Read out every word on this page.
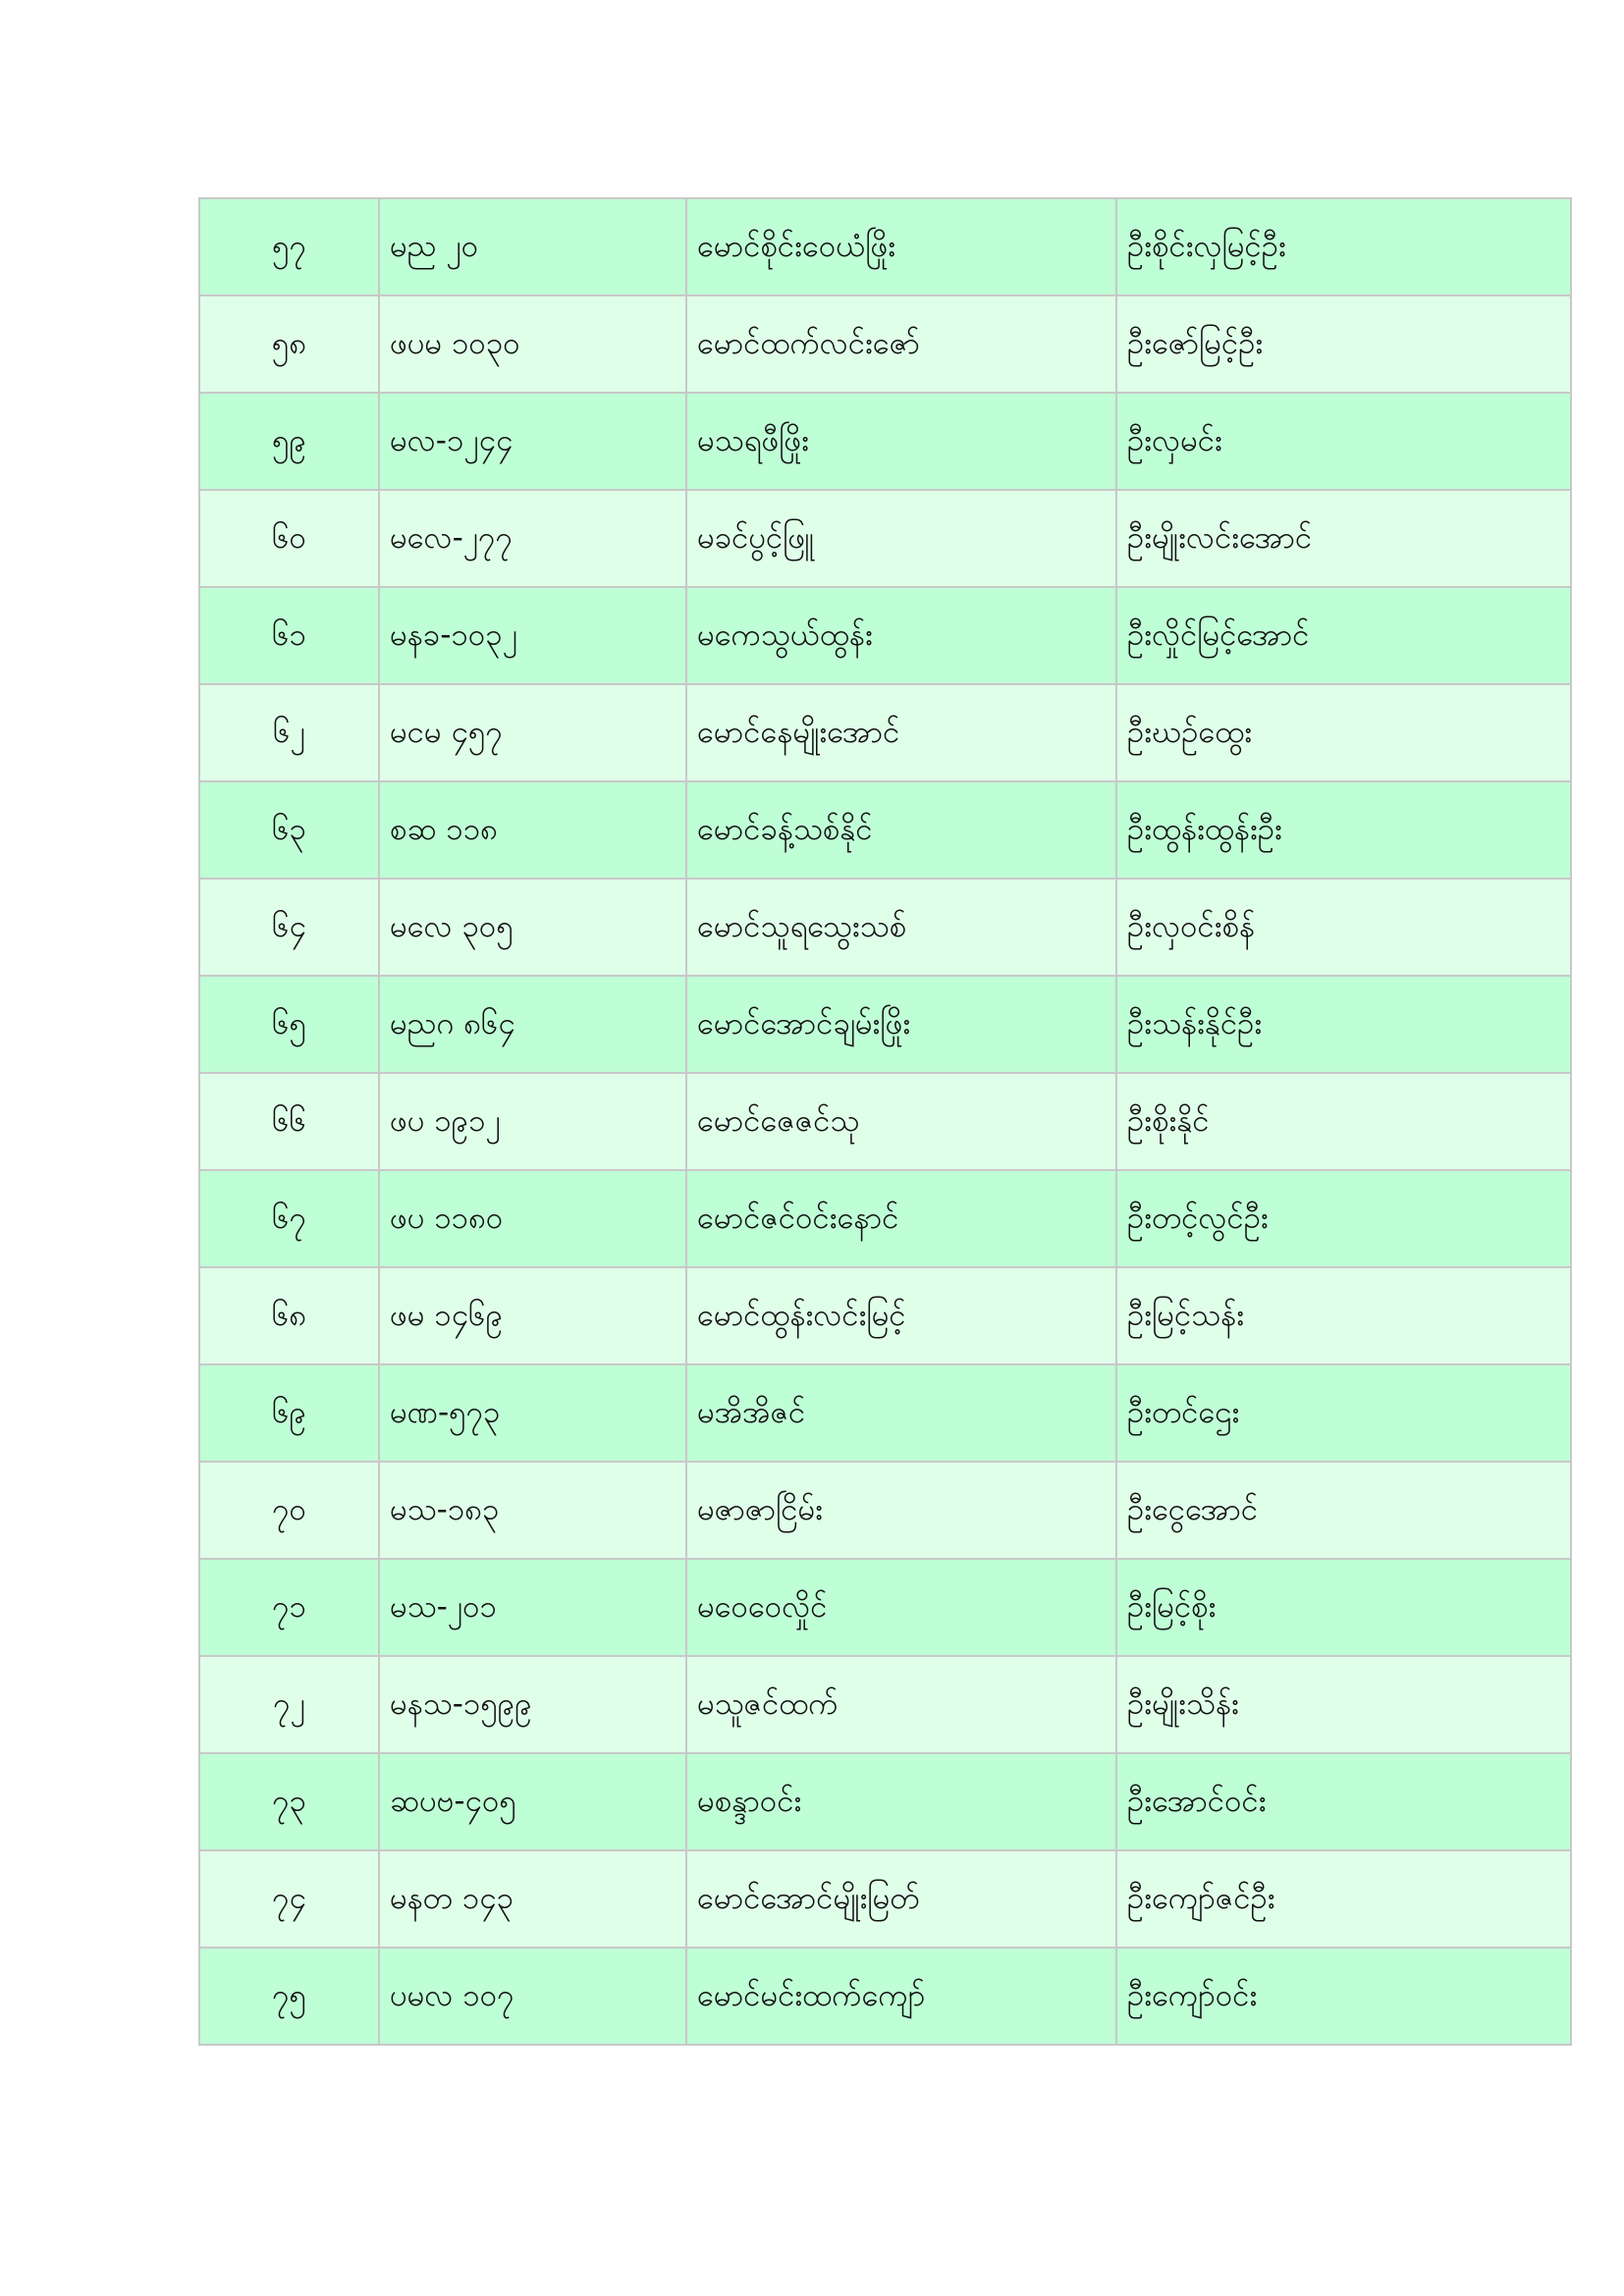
၅၇	မည ၂၀	မောင်စိုင်းဝေယံဖြိုး	ဦးစိုင်းလှမြင့်ဦး
၅၈	ဖပမ ၁၀၃၀	မောင်ထက်လင်းဇော်	ဦးဇော်မြင့်ဦး
၅၉	မလ-၁၂၄၄	မသရဖီဖြိုး	ဦးလှမင်း
၆၀	မလေ-၂၇၇	မခင်ပွင့်ဖြူ	ဦးမျိုးလင်းအောင်
၆၁	မနခ-၁၀၃၂	မကေသွယ်ထွန်း	ဦးလှိုင်မြင့်အောင်
၆၂	မငမ ၄၅၇	မောင်နေမျိုးအောင်	ဦးဃဉ်ထွေး
၆၃	စဆ ၁၁၈	မောင်ခန့်သစ်နိုင်	ဦးထွန်းထွန်းဦး
၆၄	မလေ ၃၀၅	မောင်သူရသွေးသစ်	ဦးလှဝင်းစိန်
၆၅	မညဂ ၈၆၄	မောင်အောင်ချမ်းဖြိုး	ဦးသန်းနိုင်ဦး
၆၆	ဖပ ၁၉၁၂	မောင်ဇေဇင်သု	ဦးစိုးနိုင်
၆၇	ဖပ ၁၁၈၀	မောင်ဇင်ဝင်းနောင်	ဦးတင့်လွင်ဦး
၆၈	ဖမ ၁၄၆၉	မောင်ထွန်းလင်းမြင့်	ဦးမြင့်သန်း
၆၉	မဏ-၅၇၃	မအိအိဇင်	ဦးတင်ဌေး
၇၀	မသ-၁၈၃	မဇာဇာငြိမ်း	ဦးငွေအောင်
၇၁	မသ-၂၀၁	မဝေဝေလှိုင်	ဦးမြင့်စိုး
၇၂	မနသ-၁၅၉၉	မသူဇင်ထက်	ဦးမျိုးသိန်း
၇၃	ဆပဗ-၄၀၅	မစန္ဒာဝင်း	ဦးအောင်ဝင်း
၇၄	မနတ ၁၄၃	မောင်အောင်မျိုးမြတ်	ဦးကျော်ဇင်ဦး
၇၅	ပမလ ၁၀၇	မောင်မင်းထက်ကျော်	ဦးကျော်ဝင်း
